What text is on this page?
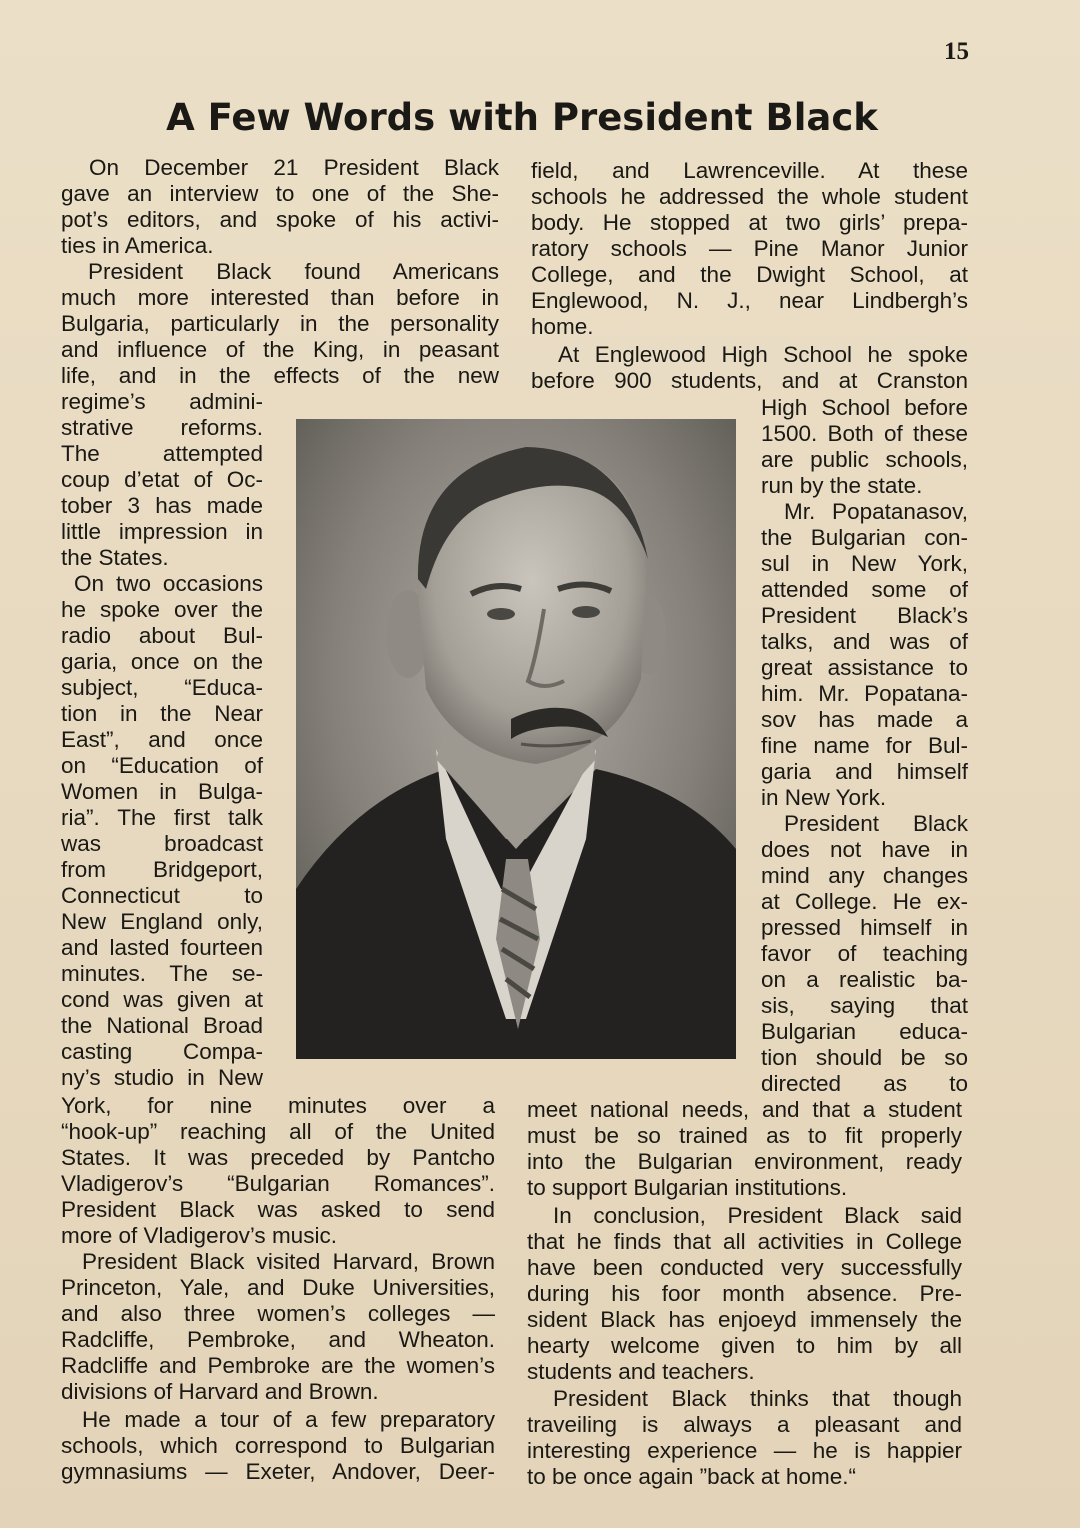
15
A Few Words with President Black

On December 21 President Black

gave an interview to one of the She-

pot’s editors, and spoke of his activi-

ties in America.

President Black found Americans

much more interested than before in

Bulgaria, particularly in the personality

and influence of the King, in peasant

life, and in the effects of the new

regime’s admini-

strative reforms.

The attempted

coup d’etat of Oc-

tober 3 has made

little impression in

the States.

On two occasions

he spoke over the

radio about Bul-

garia, once on the

subject, “Educa-

tion in the Near

East”, and once

on “Education of

Women in Bulga-

ria”. The first talk

was broadcast

from Bridgeport,

Connecticut to

New England only,

and lasted fourteen

minutes. The se-

cond was given at

the National Broad

casting Compa-

ny’s studio in New

York, for nine minutes over a

“hook-up” reaching all of the United

States. It was preceded by Pantcho

Vladigerov’s “Bulgarian Romances”.

President Black was asked to send

more of Vladigerov’s music.

President Black visited Harvard, Brown

Princeton, Yale, and Duke Universities,

and also three women’s colleges —

Radcliffe, Pembroke, and Wheaton.

Radcliffe and Pembroke are the women’s

divisions of Harvard and Brown.

He made a tour of a few preparatory

schools, which correspond to Bulgarian

gymnasiums — Exeter, Andover, Deer-

field, and Lawrenceville. At these

schools he addressed the whole student

body. He stopped at two girls’ prepa-

ratory schools — Pine Manor Junior

College, and the Dwight School, at

Englewood, N. J., near Lindbergh’s

home.

At Englewood High School he spoke

before 900 students, and at Cranston

High School before

1500. Both of these

are public schools,

run by the state.

Mr. Popatanasov,

the Bulgarian con-

sul in New York,

attended some of

President Black’s

talks, and was of

great assistance to

him. Mr. Popatana-

sov has made a

fine name for Bul-

garia and himself

in New York.

President Black

does not have in

mind any changes

at College. He ex-

pressed himself in

favor of teaching

on a realistic ba-

sis, saying that

Bulgarian educa-

tion should be so

directed as to

meet national needs, and that a student

must be so trained as to fit properly

into the Bulgarian environment, ready

to support Bulgarian institutions.

In conclusion, President Black said

that he finds that all activities in College

have been conducted very successfully

during his foor month absence. Pre-

sident Black has enjoeyd immensely the

hearty welcome given to him by all

students and teachers.

President Black thinks that though

traveiling is always a pleasant and

interesting experience — he is happier

to be once again ”back at home.“
